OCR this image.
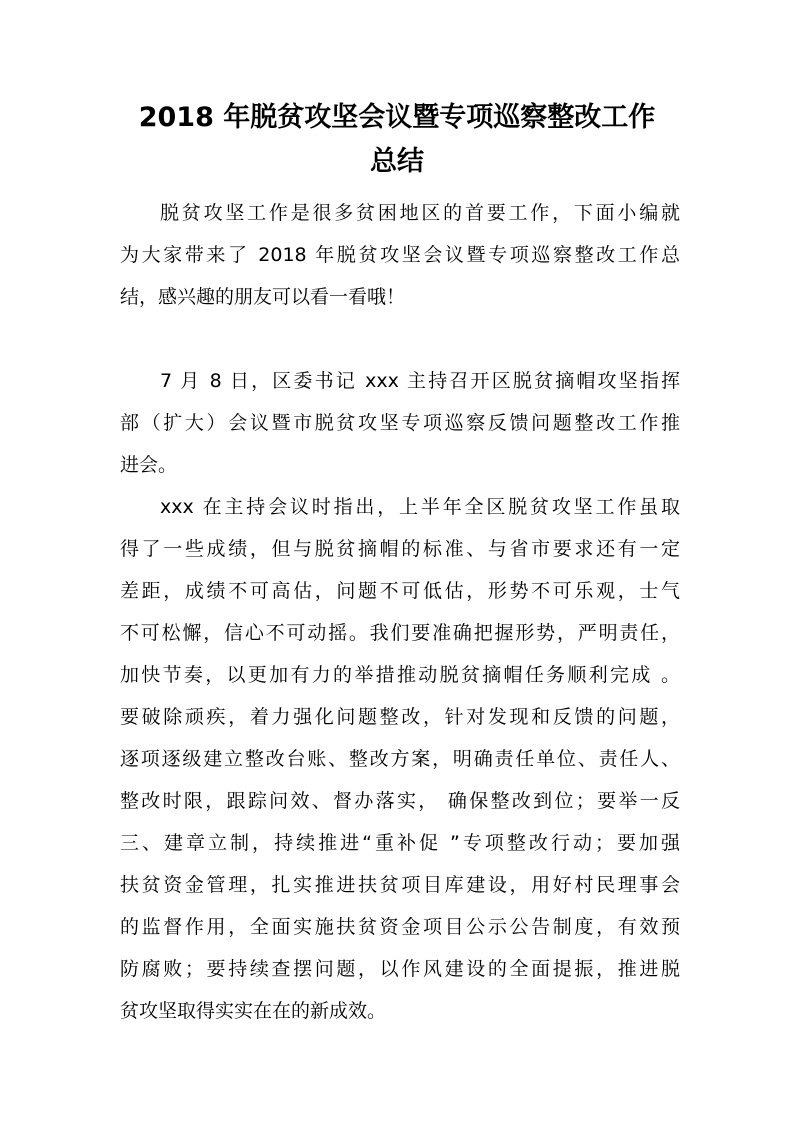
2018 年脱贫攻坚会议暨专项巡察整改工作
总结
脱贫攻坚工作是很多贫困地区的首要工作，下面小编就
为大家带来了 2018 年脱贫攻坚会议暨专项巡察整改工作总
结，感兴趣的朋友可以看一看哦！
7 月 8 日，区委书记 xxx 主持召开区脱贫摘帽攻坚指挥
部（扩大）会议暨市脱贫攻坚专项巡察反馈问题整改工作推
进会。
xxx 在主持会议时指出，上半年全区脱贫攻坚工作虽取
得了一些成绩，但与脱贫摘帽的标准、与省市要求还有一定
差距，成绩不可高估，问题不可低估，形势不可乐观，士气
不可松懈，信心不可动摇。我们要准确把握形势，严明责任，
加快节奏，以更加有力的举措推动脱贫摘帽任务顺利完成 。
要破除顽疾，着力强化问题整改，针对发现和反馈的问题，
逐项逐级建立整改台账、整改方案，明确责任单位、责任人、
整改时限，跟踪问效、督办落实， 确保整改到位；要举一反
三、建章立制，持续推进“重补促 ”专项整改行动；要加强
扶贫资金管理，扎实推进扶贫项目库建设，用好村民理事会
的监督作用，全面实施扶贫资金项目公示公告制度，有效预
防腐败；要持续查摆问题，以作风建设的全面提振，推进脱
贫攻坚取得实实在在的新成效。
